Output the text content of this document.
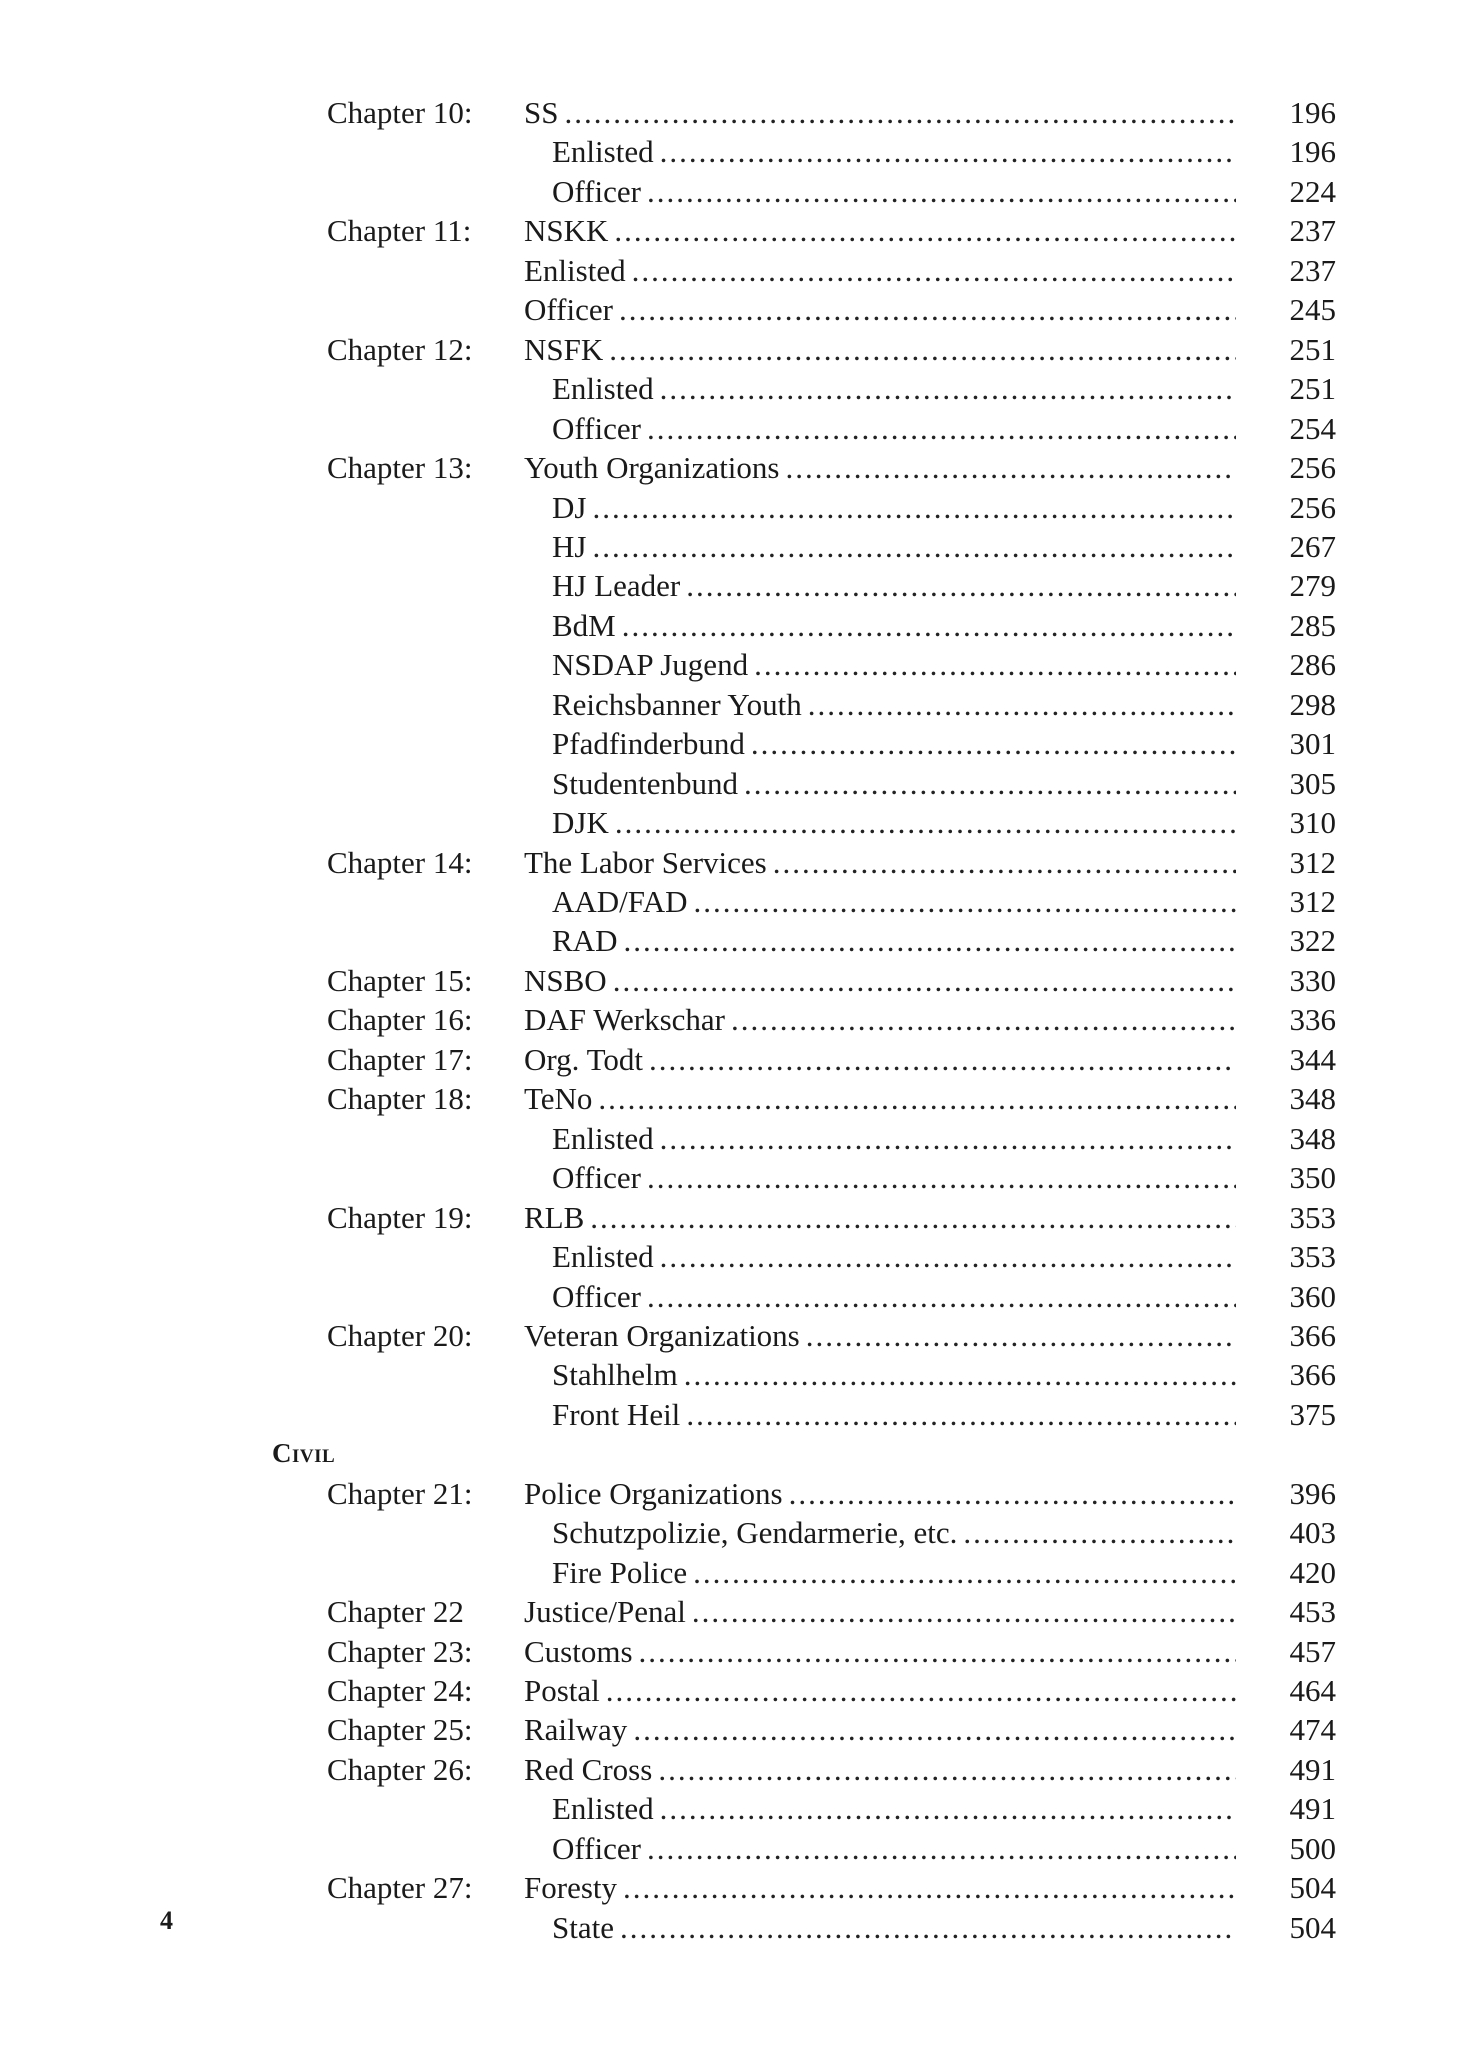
Chapter 10: SS .....	196
Enlisted .....	196
Officer .....	224
Chapter 11: NSKK .....	237
Enlisted .....	237
Officer .....	245
Chapter 12: NSFK .....	251
Enlisted .....	251
Officer .....	254
Chapter 13: Youth Organizations .....	256
DJ .....	256
HJ .....	267
HJ Leader .....	279
BdM .....	285
NSDAP Jugend .....	286
Reichsbanner Youth .....	298
Pfadfinderbund .....	301
Studentenbund .....	305
DJK .....	310
Chapter 14: The Labor Services .....	312
AAD/FAD .....	312
RAD .....	322
Chapter 15: NSBO .....	330
Chapter 16: DAF Werkschar .....	336
Chapter 17: Org. Todt .....	344
Chapter 18: TeNo .....	348
Enlisted .....	348
Officer .....	350
Chapter 19: RLB .....	353
Enlisted .....	353
Officer .....	360
Chapter 20: Veteran Organizations .....	366
Stahlhelm .....	366
Front Heil .....	375
Civil
Chapter 21: Police Organizations .....	396
Schutzpolizie, Gendarmerie, etc. .....	403
Fire Police .....	420
Chapter 22 Justice/Penal .....	453
Chapter 23: Customs .....	457
Chapter 24: Postal .....	464
Chapter 25: Railway .....	474
Chapter 26: Red Cross .....	491
Enlisted .....	491
Officer .....	500
Chapter 27: Foresty .....	504
State .....	504
4
